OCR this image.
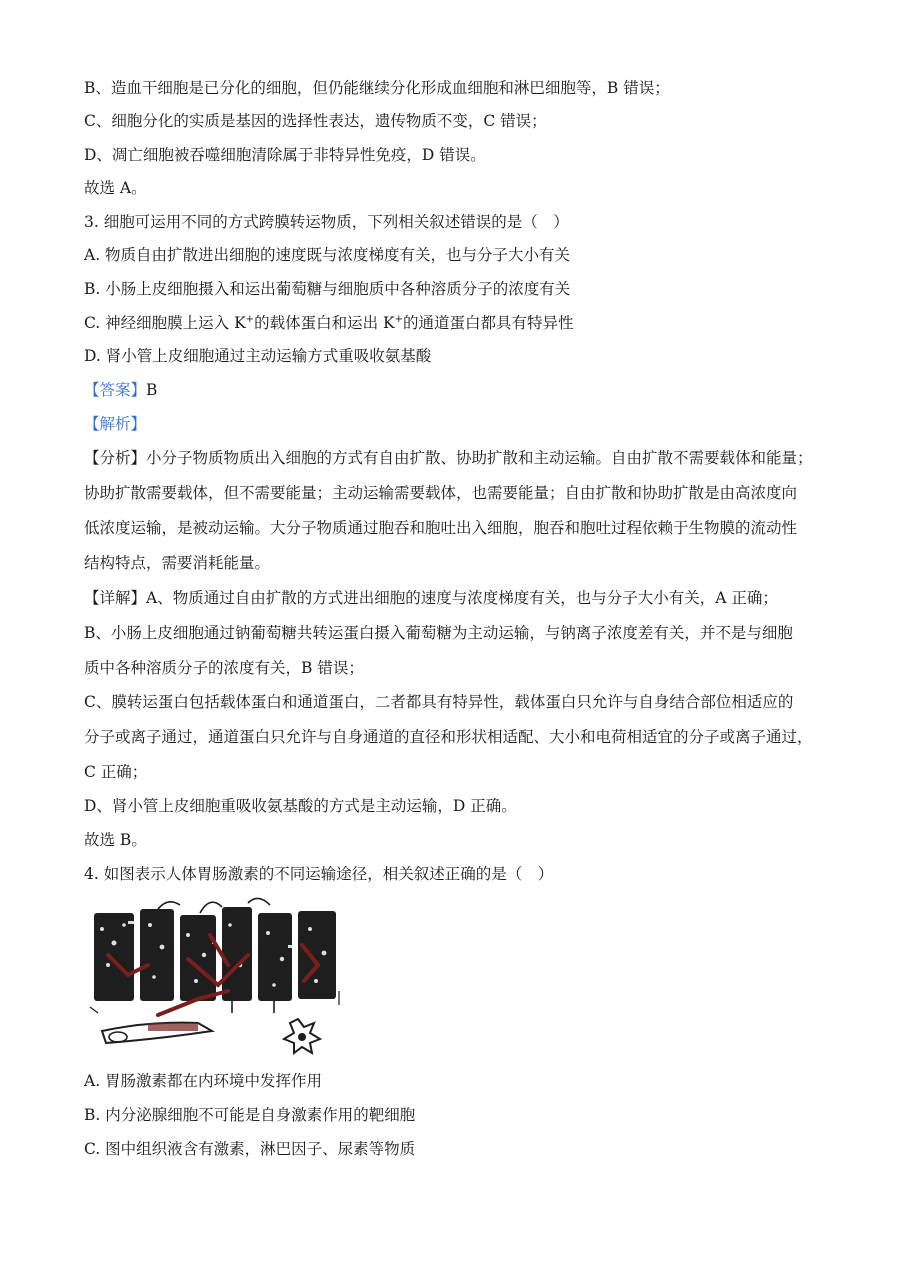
B、造血干细胞是已分化的细胞，但仍能继续分化形成血细胞和淋巴细胞等，B 错误；
C、细胞分化的实质是基因的选择性表达，遗传物质不变，C 错误；
D、凋亡细胞被吞噬细胞清除属于非特异性免疫，D 错误。
故选 A。
3. 细胞可运用不同的方式跨膜转运物质，下列相关叙述错误的是（　）
A. 物质自由扩散进出细胞的速度既与浓度梯度有关，也与分子大小有关
B. 小肠上皮细胞摄入和运出葡萄糖与细胞质中各种溶质分子的浓度有关
C. 神经细胞膜上运入 K+的载体蛋白和运出 K+的通道蛋白都具有特异性
D. 肾小管上皮细胞通过主动运输方式重吸收氨基酸
【答案】B
【解析】
【分析】小分子物质物质出入细胞的方式有自由扩散、协助扩散和主动运输。自由扩散不需要载体和能量；
协助扩散需要载体，但不需要能量；主动运输需要载体，也需要能量；自由扩散和协助扩散是由高浓度向
低浓度运输，是被动运输。大分子物质通过胞吞和胞吐出入细胞，胞吞和胞吐过程依赖于生物膜的流动性
结构特点，需要消耗能量。
【详解】A、物质通过自由扩散的方式进出细胞的速度与浓度梯度有关，也与分子大小有关，A 正确；
B、小肠上皮细胞通过钠葡萄糖共转运蛋白摄入葡萄糖为主动运输，与钠离子浓度差有关，并不是与细胞
质中各种溶质分子的浓度有关，B 错误；
C、膜转运蛋白包括载体蛋白和通道蛋白，二者都具有特异性，载体蛋白只允许与自身结合部位相适应的
分子或离子通过，通道蛋白只允许与自身通道的直径和形状相适配、大小和电荷相适宜的分子或离子通过，
C 正确；
D、肾小管上皮细胞重吸收氨基酸的方式是主动运输，D 正确。
故选 B。
4. 如图表示人体胃肠激素的不同运输途径，相关叙述正确的是（　）
A. 胃肠激素都在内环境中发挥作用
B. 内分泌腺细胞不可能是自身激素作用的靶细胞
C. 图中组织液含有激素，淋巴因子、尿素等物质
